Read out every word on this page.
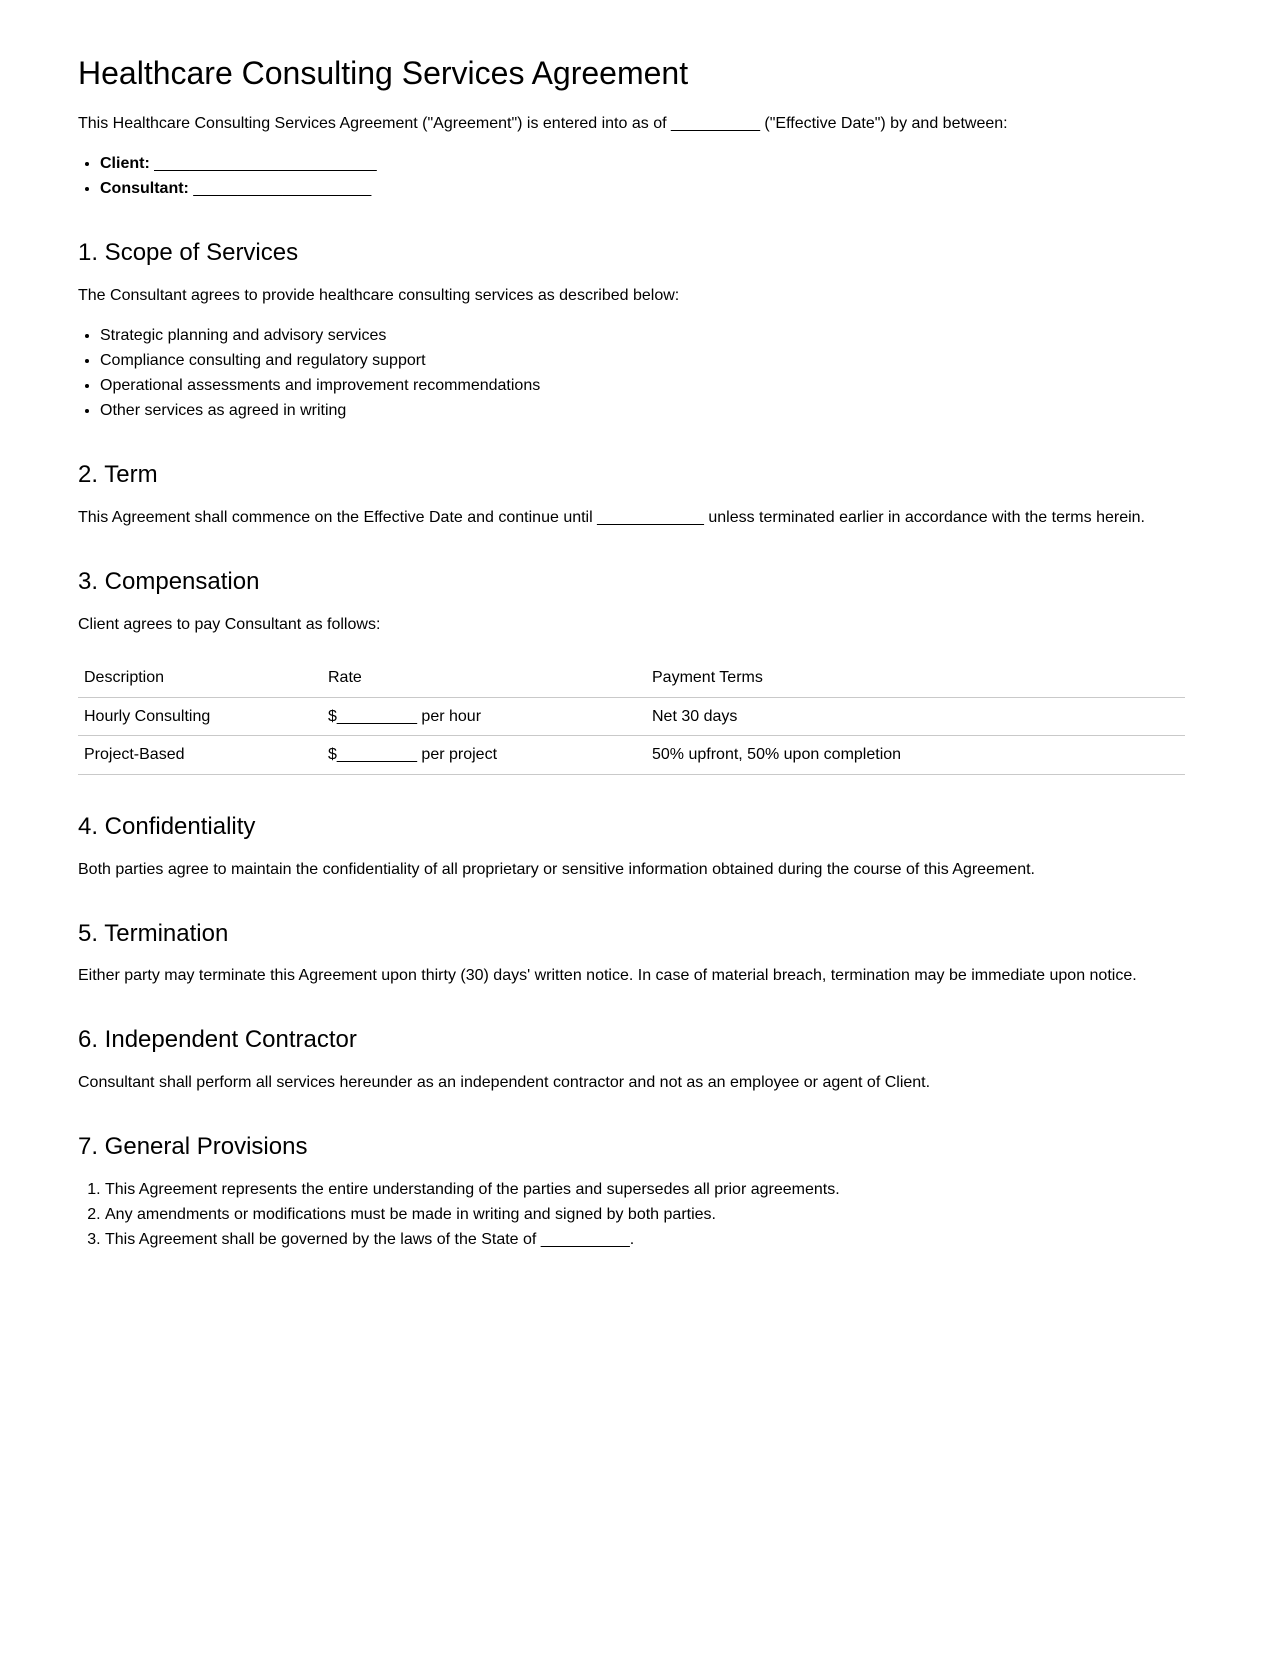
Healthcare Consulting Services Agreement

This Healthcare Consulting Services Agreement ("Agreement") is entered into as of __________ ("Effective Date") by and between:

• Client: _________________________
• Consultant: ____________________
1. Scope of Services

The Consultant agrees to provide healthcare consulting services as described below:

• Strategic planning and advisory services
• Compliance consulting and regulatory support
• Operational assessments and improvement recommendations
• Other services as agreed in writing
2. Term

This Agreement shall commence on the Effective Date and continue until ____________ unless terminated earlier in accordance with the terms herein.

3. Compensation

Client agrees to pay Consultant as follows:

Description	Rate	Payment Terms
Hourly Consulting	$_________ per hour	Net 30 days
Project-Based	$_________ per project	50% upfront, 50% upon completion
4. Confidentiality

Both parties agree to maintain the confidentiality of all proprietary or sensitive information obtained during the course of this Agreement.

5. Termination

Either party may terminate this Agreement upon thirty (30) days' written notice. In case of material breach, termination may be immediate upon notice.

6. Independent Contractor

Consultant shall perform all services hereunder as an independent contractor and not as an employee or agent of Client.

7. General Provisions
1. This Agreement represents the entire understanding of the parties and supersedes all prior agreements.
2. Any amendments or modifications must be made in writing and signed by both parties.
3. This Agreement shall be governed by the laws of the State of __________.
